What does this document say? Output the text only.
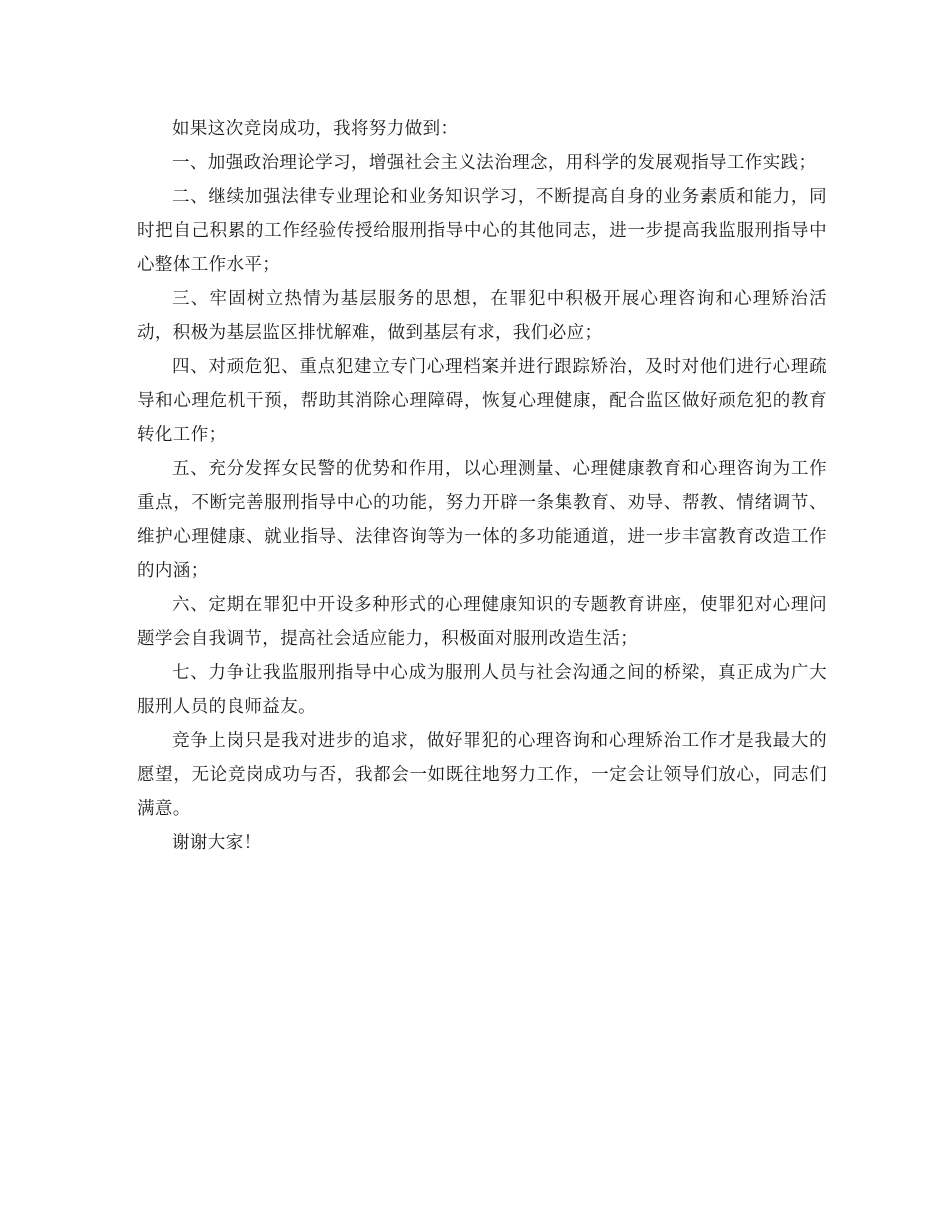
如果这次竞岗成功，我将努力做到：

一、加强政治理论学习，增强社会主义法治理念，用科学的发展观指导工作实践；

二、继续加强法律专业理论和业务知识学习，不断提高自身的业务素质和能力，同时把自己积累的工作经验传授给服刑指导中心的其他同志，进一步提高我监服刑指导中心整体工作水平；

三、牢固树立热情为基层服务的思想，在罪犯中积极开展心理咨询和心理矫治活动，积极为基层监区排忧解难，做到基层有求，我们必应；

四、对顽危犯、重点犯建立专门心理档案并进行跟踪矫治，及时对他们进行心理疏导和心理危机干预，帮助其消除心理障碍，恢复心理健康，配合监区做好顽危犯的教育转化工作；

五、充分发挥女民警的优势和作用，以心理测量、心理健康教育和心理咨询为工作重点，不断完善服刑指导中心的功能，努力开辟一条集教育、劝导、帮教、情绪调节、维护心理健康、就业指导、法律咨询等为一体的多功能通道，进一步丰富教育改造工作的内涵；

六、定期在罪犯中开设多种形式的心理健康知识的专题教育讲座，使罪犯对心理问题学会自我调节，提高社会适应能力，积极面对服刑改造生活；

七、力争让我监服刑指导中心成为服刑人员与社会沟通之间的桥梁，真正成为广大服刑人员的良师益友。

竞争上岗只是我对进步的追求，做好罪犯的心理咨询和心理矫治工作才是我最大的愿望，无论竞岗成功与否，我都会一如既往地努力工作，一定会让领导们放心，同志们满意。

谢谢大家！
